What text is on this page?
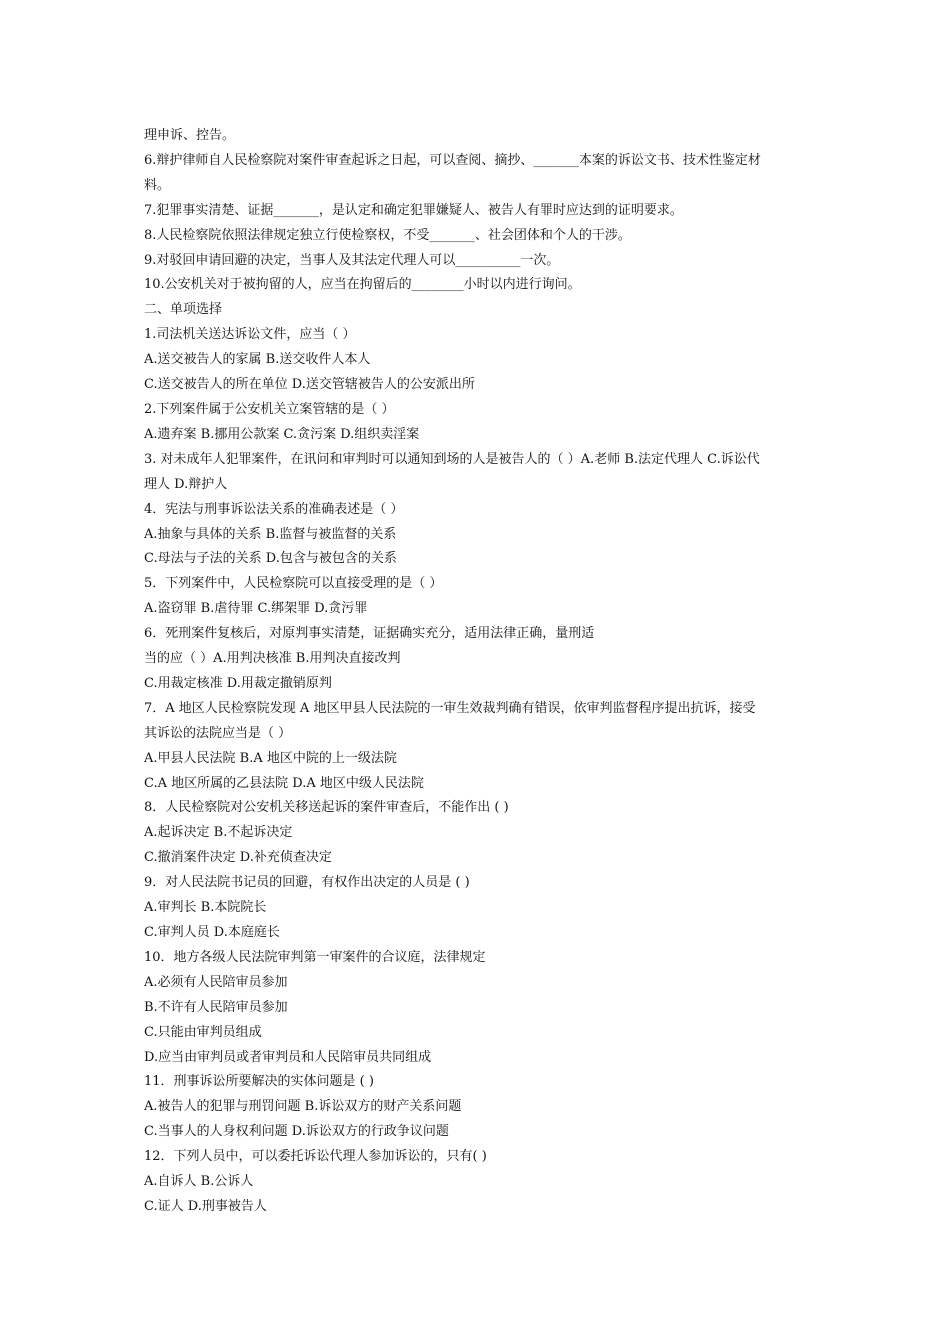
理申诉、控告。
6.辩护律师自人民检察院对案件审查起诉之日起，可以查阅、摘抄、_______本案的诉讼文书、技术性鉴定材
料。
7.犯罪事实清楚、证据_______，是认定和确定犯罪嫌疑人、被告人有罪时应达到的证明要求。
8.人民检察院依照法律规定独立行使检察权，不受_______、社会团体和个人的干涉。
9.对驳回申请回避的决定，当事人及其法定代理人可以__________一次。
10.公安机关对于被拘留的人，应当在拘留后的________小时以内进行询问。
二、单项选择
1.司法机关送达诉讼文件，应当（ ）
A.送交被告人的家属 B.送交收件人本人
C.送交被告人的所在单位 D.送交管辖被告人的公安派出所
2.下列案件属于公安机关立案管辖的是（ ）
A.遗弃案 B.挪用公款案 C.贪污案 D.组织卖淫案
3. 对未成年人犯罪案件，在讯问和审判时可以通知到场的人是被告人的（ ）A.老师 B.法定代理人 C.诉讼代
理人 D.辩护人
4．宪法与刑事诉讼法关系的准确表述是（ ）
A.抽象与具体的关系 B.监督与被监督的关系
C.母法与子法的关系 D.包含与被包含的关系
5．下列案件中，人民检察院可以直接受理的是（ ）
A.盗窃罪 B.虐待罪 C.绑架罪 D.贪污罪
6．死刑案件复核后，对原判事实清楚，证据确实充分，适用法律正确，量刑适
当的应（ ）A.用判决核准 B.用判决直接改判
C.用裁定核准 D.用裁定撤销原判
7．A 地区人民检察院发现 A 地区甲县人民法院的一审生效裁判确有错误，依审判监督程序提出抗诉，接受
其诉讼的法院应当是（ ）
A.甲县人民法院 B.A 地区中院的上一级法院
C.A 地区所属的乙县法院 D.A 地区中级人民法院
8．人民检察院对公安机关移送起诉的案件审查后，不能作出 ( )
A.起诉决定 B.不起诉决定
C.撤消案件决定 D.补充侦查决定
9．对人民法院书记员的回避，有权作出决定的人员是 ( )
A.审判长 B.本院院长
C.审判人员 D.本庭庭长
10．地方各级人民法院审判第一审案件的合议庭，法律规定
A.必须有人民陪审员参加
B.不许有人民陪审员参加
C.只能由审判员组成
D.应当由审判员或者审判员和人民陪审员共同组成
11．刑事诉讼所要解决的实体问题是 ( )
A.被告人的犯罪与刑罚问题 B.诉讼双方的财产关系问题
C.当事人的人身权利问题 D.诉讼双方的行政争议问题
12．下列人员中，可以委托诉讼代理人参加诉讼的，只有( )
A.自诉人 B.公诉人
C.证人 D.刑事被告人
